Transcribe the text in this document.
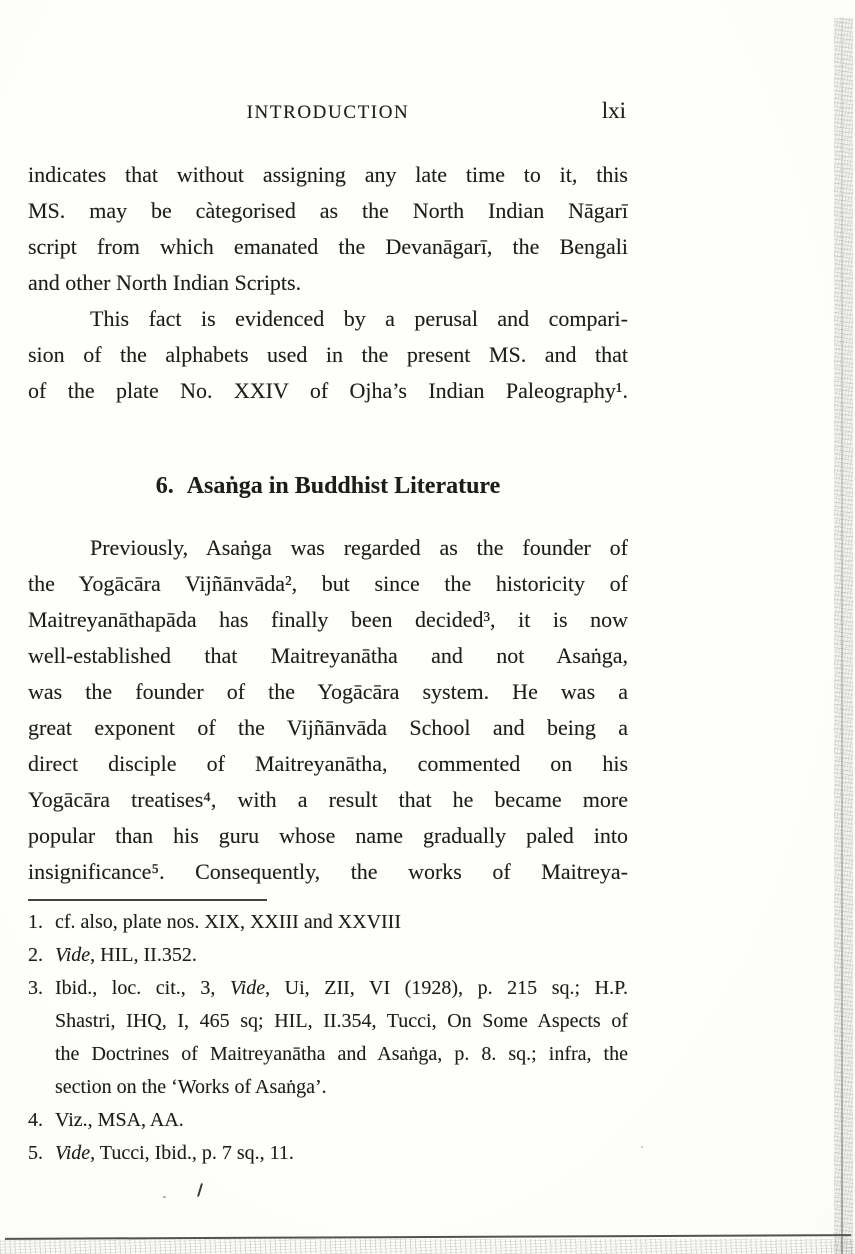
INTRODUCTION	lxi
indicates that without assigning any late time to it, this
MS. may be càtegorised as the North Indian Nāgarī
script from which emanated the Devanāgarī, the Bengali
and other North Indian Scripts.
This fact is evidenced by a perusal and compari-
sion of the alphabets used in the present MS. and that
of the plate No. XXIV of Ojha’s Indian Paleography¹.
6. Asaṅga in Buddhist Literature
Previously, Asaṅga was regarded as the founder of
the Yogācāra Vijñānvāda², but since the historicity of
Maitreyanāthapāda has finally been decided³, it is now
well-established that Maitreyanātha and not Asaṅga,
was the founder of the Yogācāra system. He was a
great exponent of the Vijñānvāda School and being a
direct disciple of Maitreyanātha, commented on his
Yogācāra treatises⁴, with a result that he became more
popular than his guru whose name gradually paled into
insignificance⁵. Consequently, the works of Maitreya-
1. cf. also, plate nos. XIX, XXIII and XXVIII
2. Vide, HIL, II.352.
3. Ibid., loc. cit., 3, Vide, Ui, ZII, VI (1928), p. 215 sq.; H.P.
Shastri, IHQ, I, 465 sq; HIL, II.354, Tucci, On Some Aspects of
the Doctrines of Maitreyanātha and Asaṅga, p. 8. sq.; infra, the
section on the ‘Works of Asaṅga’.
4. Viz., MSA, AA.
5. Vide, Tucci, Ibid., p. 7 sq., 11.
